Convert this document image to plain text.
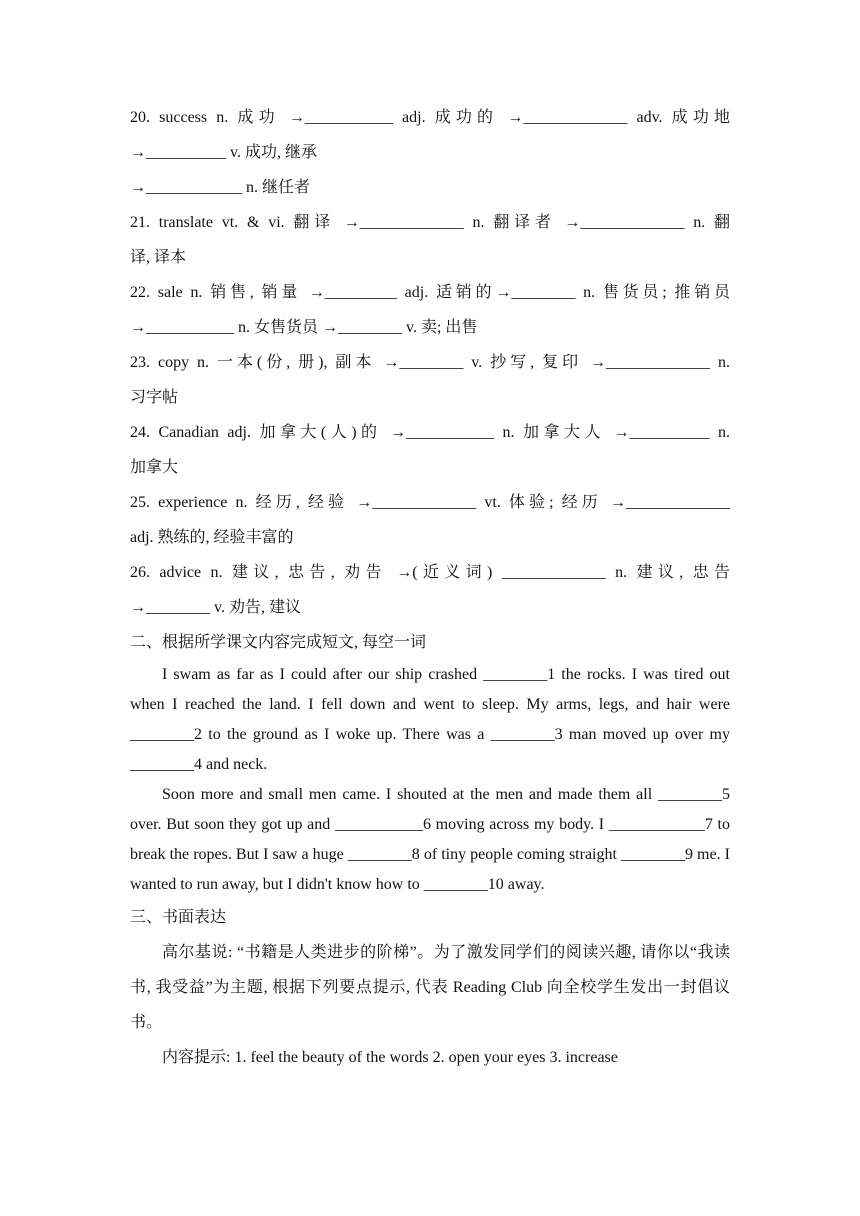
20. success n. 成功 →___________ adj. 成功的 →_____________ adv. 成功地
→__________ v. 成功, 继承
→____________ n. 继任者
21. translate vt. & vi. 翻译 →_____________ n. 翻译者 →_____________ n. 翻
译, 译本
22. sale n. 销售, 销量 →_________ adj. 适销的→________ n. 售货员; 推销员
→___________ n. 女售货员 →________ v. 卖; 出售
23. copy n. 一本(份, 册), 副本 →________ v. 抄写, 复印 →_____________ n.
习字帖
24. Canadian adj. 加拿大(人)的 →___________ n. 加拿大人 →__________ n.
加拿大
25. experience n. 经历, 经验 →_____________ vt. 体验; 经历 →_____________
adj. 熟练的, 经验丰富的
26. advice n. 建议, 忠告, 劝告 →(近义词) _____________ n. 建议, 忠告
→________ v. 劝告, 建议
二、根据所学课文内容完成短文, 每空一词

I swam as far as I could after our ship crashed ________1 the rocks. I was tired out when I reached the land. I fell down and went to sleep. My arms, legs, and hair were ________2 to the ground as I woke up. There was a ________3 man moved up over my ________4 and neck.

Soon more and small men came. I shouted at the men and made them all ________5 over. But soon they got up and ___________6 moving across my body. I ____________7 to break the ropes. But I saw a huge ________8 of tiny people coming straight ________9 me. I wanted to run away, but I didn't know how to ________10 away.

三、书面表达

高尔基说: “书籍是人类进步的阶梯”。为了激发同学们的阅读兴趣, 请你以“我读书, 我受益”为主题, 根据下列要点提示, 代表 Reading Club 向全校学生发出一封倡议书。

内容提示: 1. feel the beauty of the words 2. open your eyes 3. increase
